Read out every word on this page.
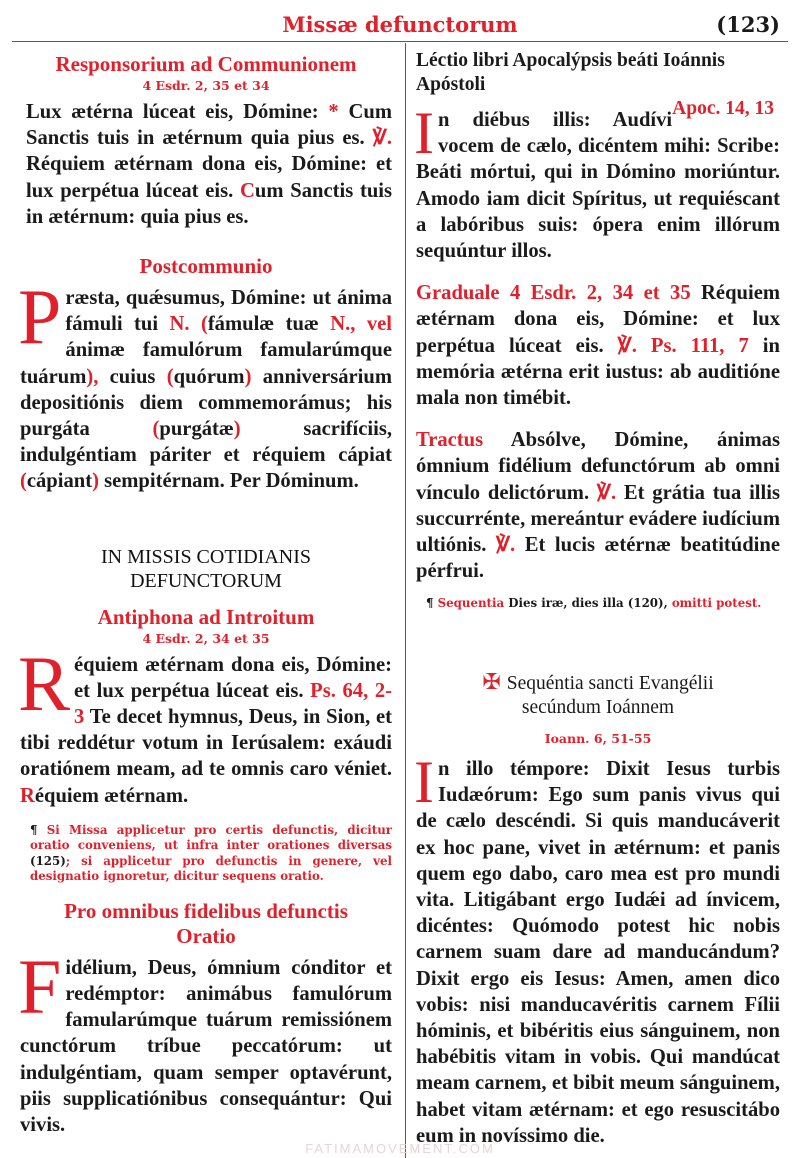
Missæ defunctorum	(123)

Responsorium ad Communionem

4 Esdr. 2, 35 et 34

Lux ætérna lúceat eis, Dómine: * Cum Sanctis tuis in ætérnum quia pius es. ℣. Réquiem ætérnam dona eis, Dómine: et lux perpétua lúceat eis. Cum Sanctis tuis in ætérnum: quia pius es.

Postcommunio

Præsta, quǽsumus, Dómine: ut ánima fámuli tui N. (fámulæ tuæ N., vel ánimæ famulórum famularúmque tuárum), cuius (quórum) anniversárium depositiónis diem commemorámus; his purgáta (purgátæ) sacrifíciis, indulgéntiam páriter et réquiem cápiat (cápiant) sempitérnam. Per Dóminum.

IN MISSIS COTIDIANIS

DEFUNCTORUM

Antiphona ad Introitum

4 Esdr. 2, 34 et 35

Réquiem ætérnam dona eis, Dómine: et lux perpétua lúceat eis. Ps. 64, 2-3 Te decet hymnus, Deus, in Sion, et tibi reddétur votum in Ierúsalem: exáudi oratiónem meam, ad te omnis caro véniet. Réquiem ætérnam.

¶ Si Missa applicetur pro certis defunctis, dicitur oratio conveniens, ut infra inter orationes diversas (125); si applicetur pro defunctis in genere, vel designatio ignoretur, dicitur sequens oratio.

Pro omnibus fidelibus defunctis

Oratio

Fidélium, Deus, ómnium cónditor et redémptor: animábus famulórum famularúmque tuárum remissiónem cunctórum tríbue peccatórum: ut indulgéntiam, quam semper optavérunt, piis supplicatiónibus consequántur: Qui vivis.

Léctio libri Apocalýpsis beáti Ioánnis Apóstoli
Apoc. 14, 13

In diébus illis: Audívi vocem de cælo, dicéntem mihi: Scribe: Beáti mórtui, qui in Dómino moriúntur. Amodo iam dicit Spíritus, ut requiéscant a labóribus suis: ópera enim illórum sequúntur illos.

Graduale 4 Esdr. 2, 34 et 35 Réquiem ætérnam dona eis, Dómine: et lux perpétua lúceat eis. ℣. Ps. 111, 7 in memória ætérna erit iustus: ab auditióne mala non timébit.

Tractus Absólve, Dómine, ánimas ómnium fidélium defunctórum ab omni vínculo delictórum. ℣. Et grátia tua illis succurrénte, mereántur evádere iudícium ultiónis. ℣. Et lucis ætérnæ beatitúdine pérfrui.

¶ Sequentia Dies iræ, dies illa (120), omitti potest.

✠ Sequéntia sancti Evangélii

secúndum Ioánnem

Ioann. 6, 51-55

In illo témpore: Dixit Iesus turbis Iudæórum: Ego sum panis vivus qui de cælo descéndi. Si quis manducáverit ex hoc pane, vivet in ætérnum: et panis quem ego dabo, caro mea est pro mundi vita. Litigábant ergo Iudǽi ad ínvicem, dicéntes: Quómodo potest hic nobis carnem suam dare ad manducándum? Dixit ergo eis Iesus: Amen, amen dico vobis: nisi manducavéritis carnem Fílii hóminis, et bibéritis eius sánguinem, non habébitis vitam in vobis. Qui mandúcat meam carnem, et bibit meum sánguinem, habet vitam ætérnam: et ego resuscitábo eum in novíssimo die.

FATIMAMOVEMENT.COM
